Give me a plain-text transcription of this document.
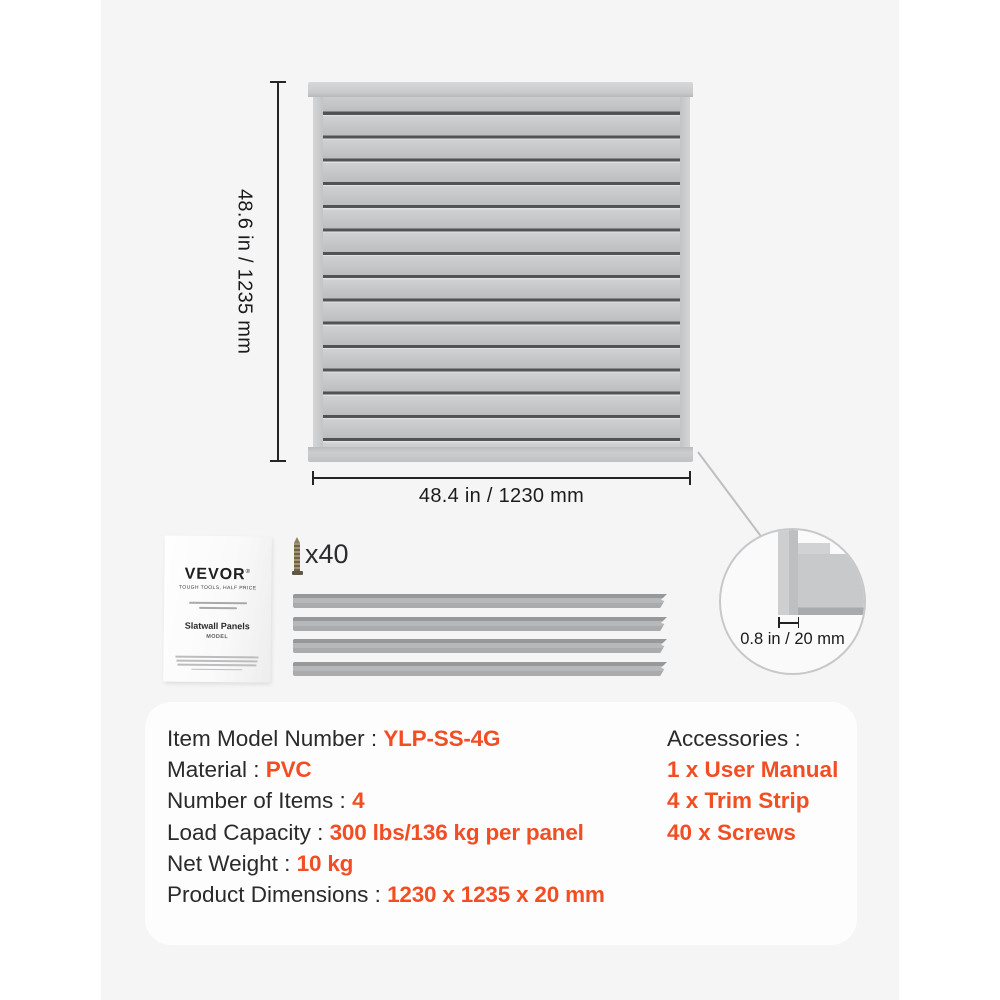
48.6 in / 1235 mm
48.4 in / 1230 mm
0.8 in / 20 mm
VEVOR®
TOUGH TOOLS, HALF PRICE
Slatwall Panels
MODEL
x40
Item Model Number : YLP-SS-4G
Material : PVC
Number of Items : 4
Load Capacity : 300 lbs/136 kg per panel
Net Weight : 10 kg
Product Dimensions : 1230 x 1235 x 20 mm
Accessories :
1 x User Manual
4 x Trim Strip
40 x Screws
